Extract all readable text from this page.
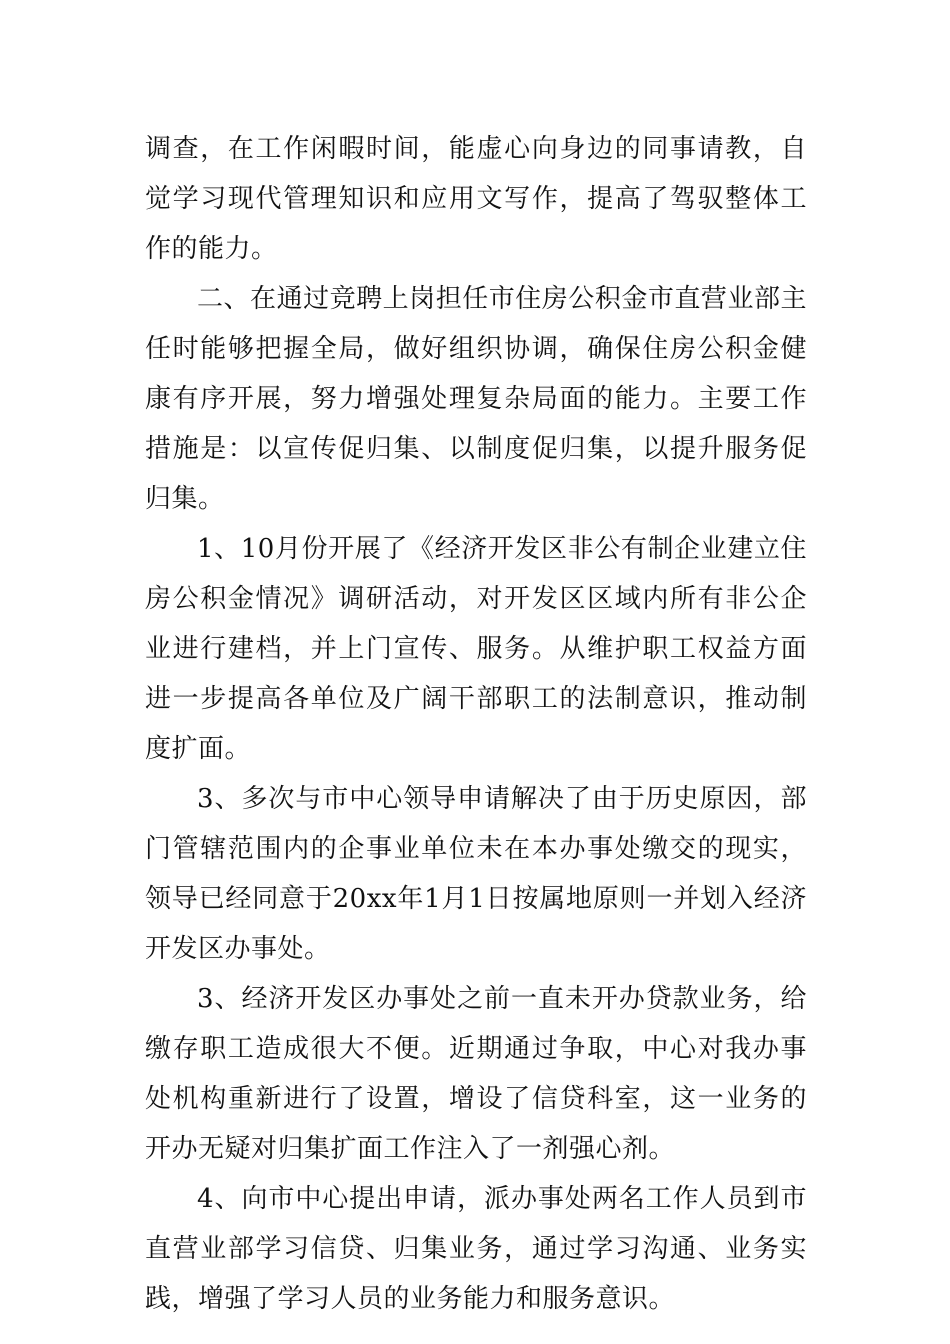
调查，在工作闲暇时间，能虚心向身边的同事请教，自觉学习现代管理知识和应用文写作，提高了驾驭整体工作的能力。

二、在通过竞聘上岗担任市住房公积金市直营业部主任时能够把握全局，做好组织协调，确保住房公积金健康有序开展，努力增强处理复杂局面的能力。主要工作措施是：以宣传促归集、以制度促归集，以提升服务促归集。

1、10月份开展了《经济开发区非公有制企业建立住房公积金情况》调研活动，对开发区区域内所有非公企业进行建档，并上门宣传、服务。从维护职工权益方面进一步提高各单位及广阔干部职工的法制意识，推动制度扩面。

3、多次与市中心领导申请解决了由于历史原因，部门管辖范围内的企事业单位未在本办事处缴交的现实，领导已经同意于20xx年1月1日按属地原则一并划入经济开发区办事处。

3、经济开发区办事处之前一直未开办贷款业务，给缴存职工造成很大不便。近期通过争取，中心对我办事处机构重新进行了设置，增设了信贷科室，这一业务的开办无疑对归集扩面工作注入了一剂强心剂。

4、向市中心提出申请，派办事处两名工作人员到市直营业部学习信贷、归集业务，通过学习沟通、业务实践，增强了学习人员的业务能力和服务意识。
